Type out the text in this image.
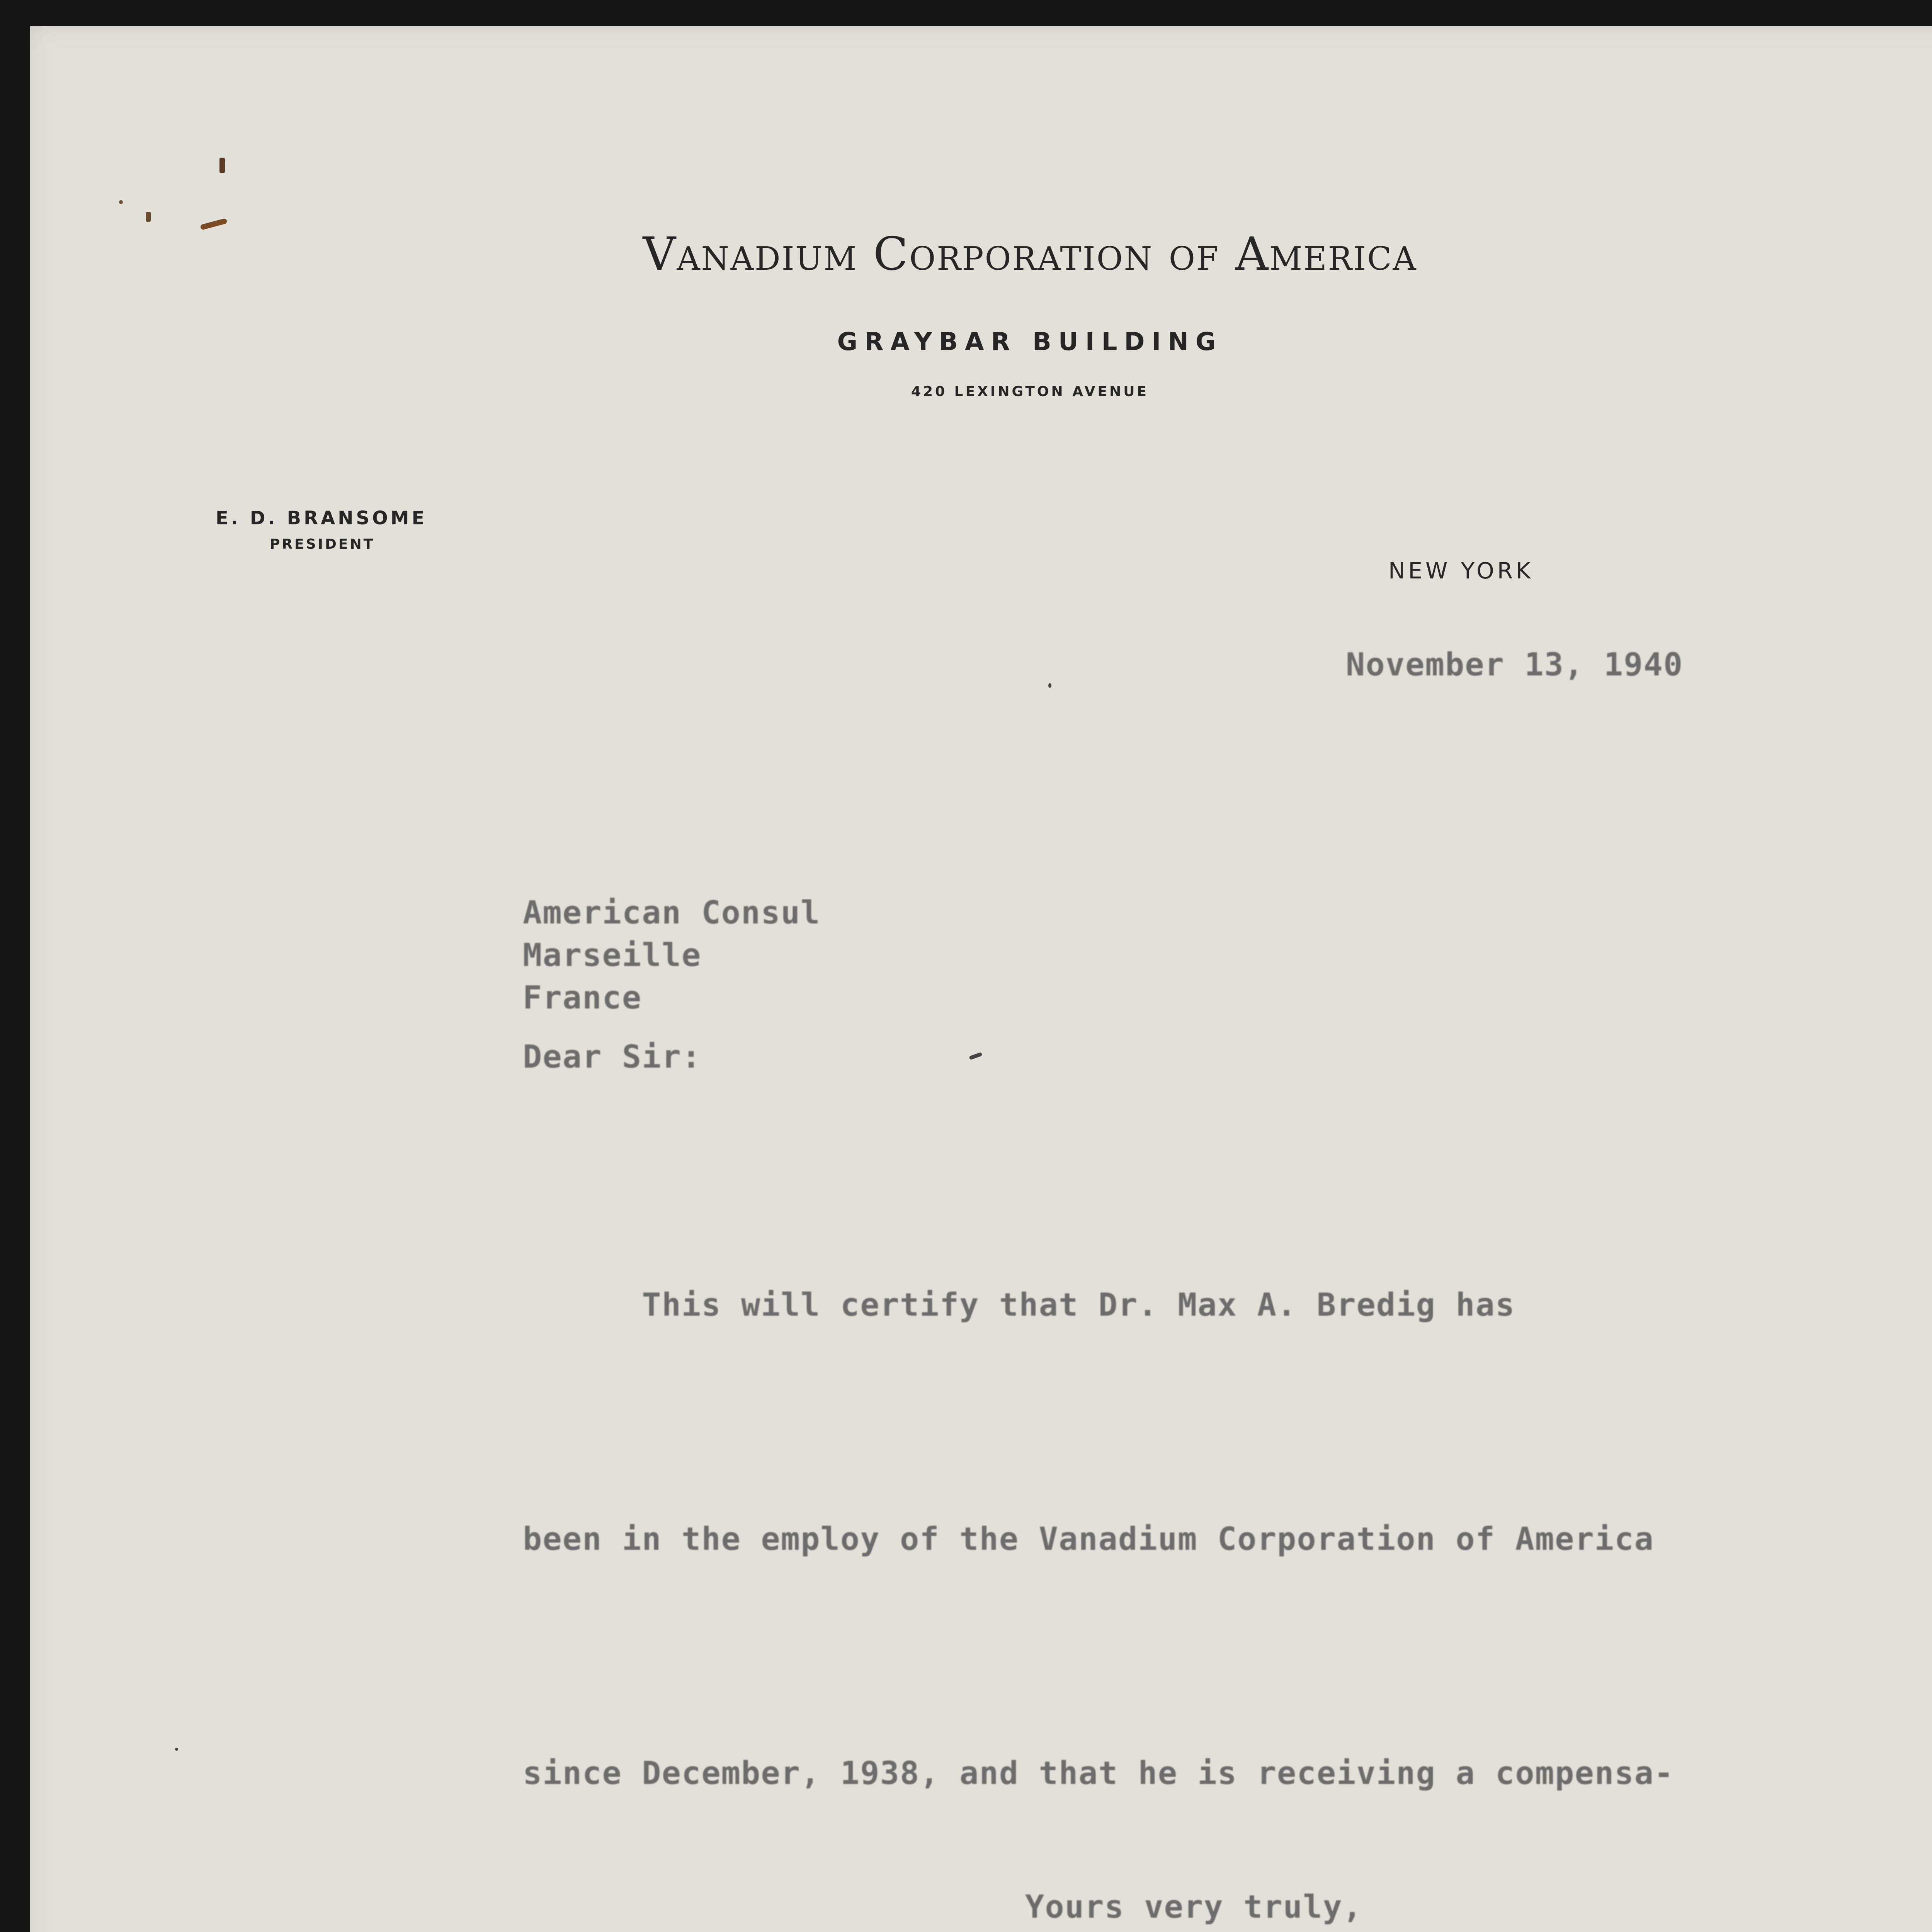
Vanadium Corporation of America

GRAYBAR BUILDING

420 LEXINGTON AVENUE

E. D. BRANSOME

PRESIDENT

NEW YORK

November 13, 1940

American Consul
Marseille
France

Dear Sir:

This will certify that Dr. Max A. Bredig has

been in the employ of the Vanadium Corporation of America

since December, 1938, and that he is receiving a compensa-

Yours very truly,
